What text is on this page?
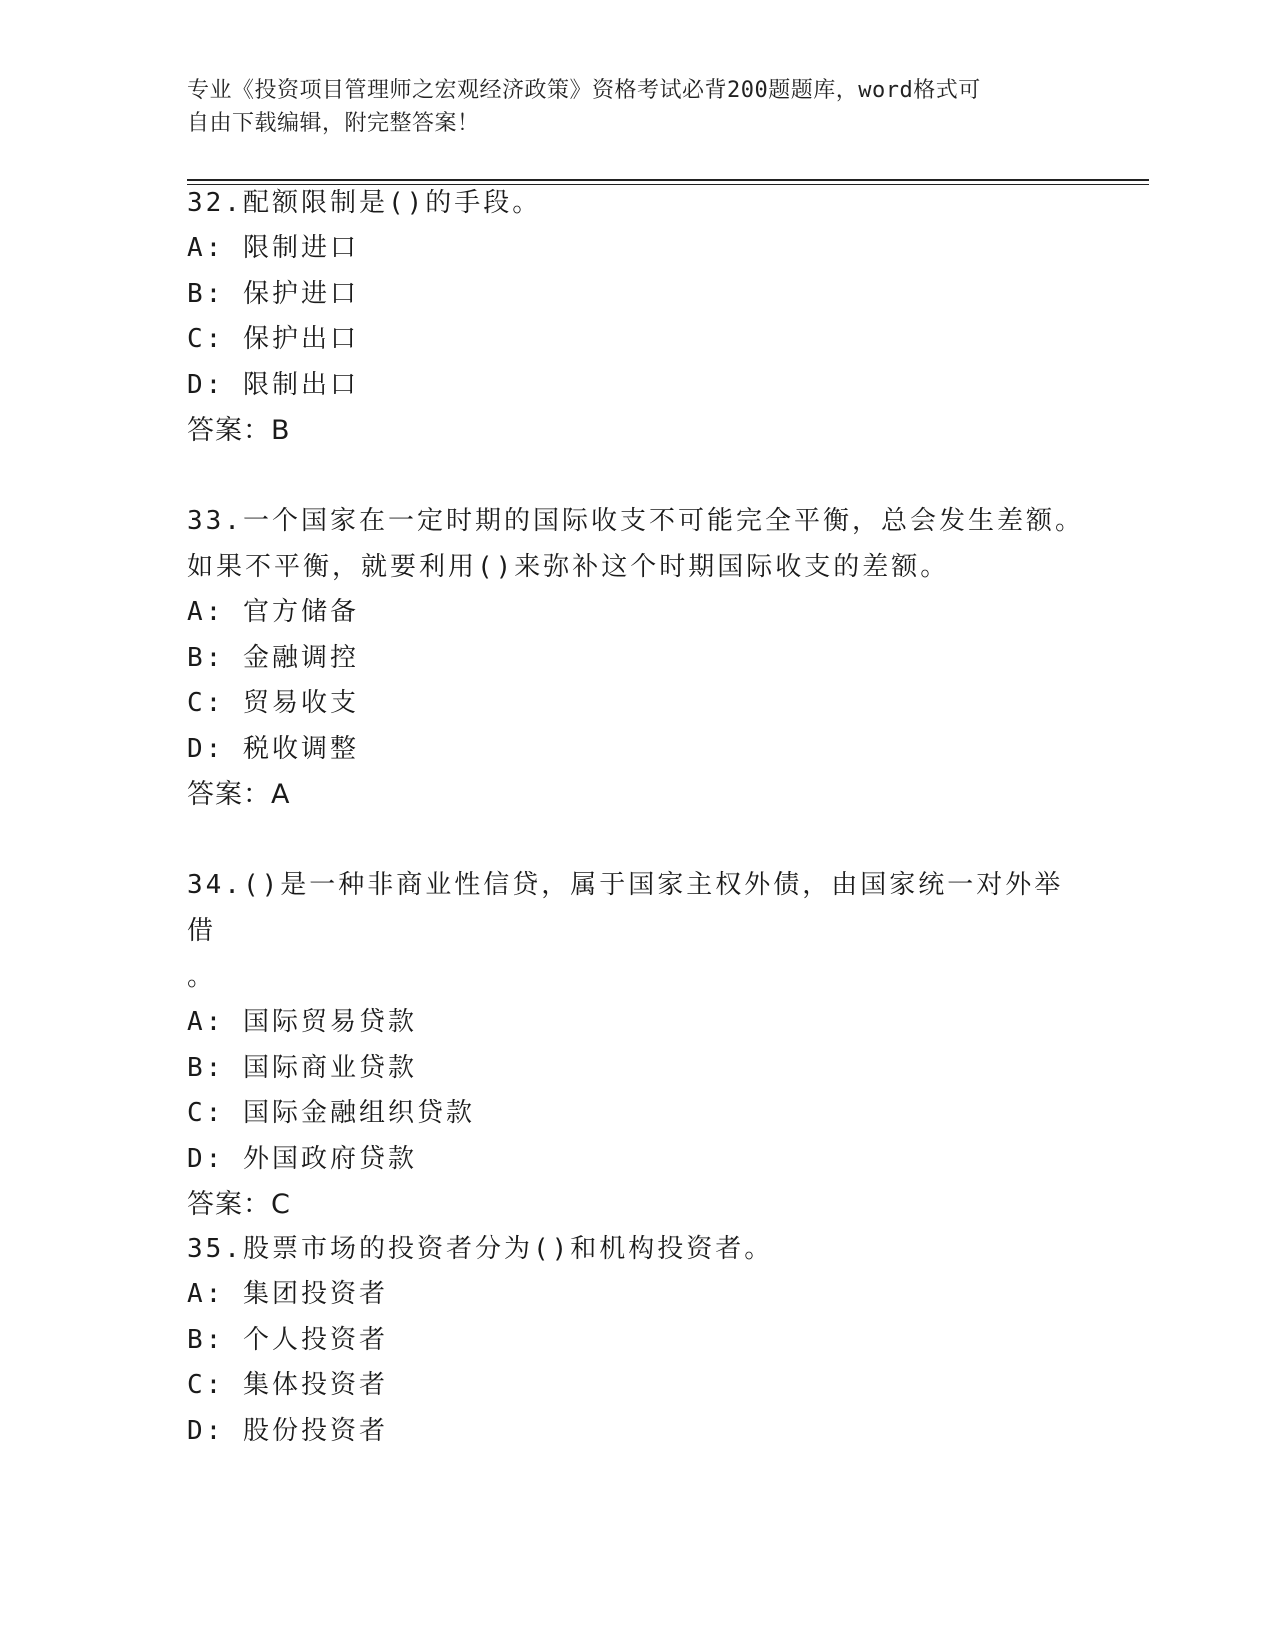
专业《投资项目管理师之宏观经济政策》资格考试必背200题题库，word格式可
自由下载编辑，附完整答案！

32.配额限制是()的手段。

A: 限制进口

B: 保护进口

C: 保护出口

D: 限制出口

答案：B

33.一个国家在一定时期的国际收支不可能完全平衡，总会发生差额。如果不平衡，就要利用()来弥补这个时期国际收支的差额。

A: 官方储备

B: 金融调控

C: 贸易收支

D: 税收调整

答案：A

34.()是一种非商业性信贷，属于国家主权外债，由国家统一对外举借
。

A: 国际贸易贷款

B: 国际商业贷款

C: 国际金融组织贷款

D: 外国政府贷款

答案：C

35.股票市场的投资者分为()和机构投资者。

A: 集团投资者

B: 个人投资者

C: 集体投资者

D: 股份投资者
